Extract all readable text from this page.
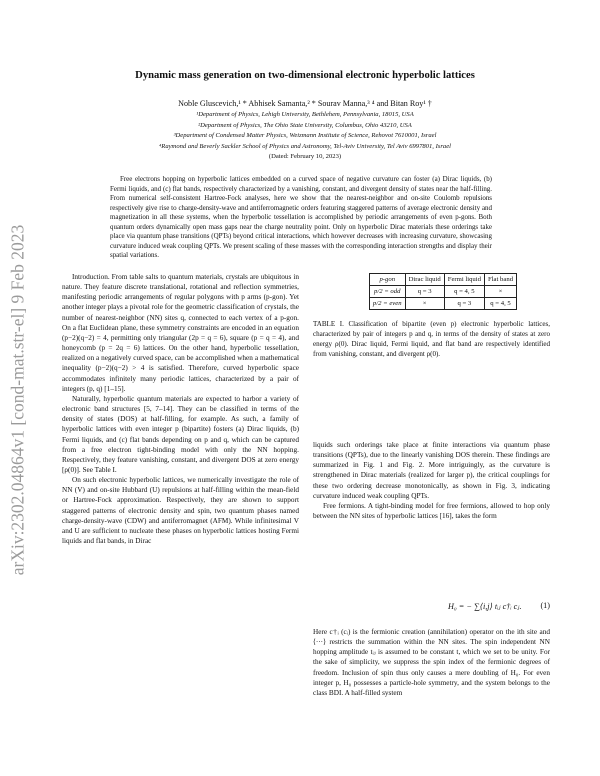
arXiv:2302.04864v1 [cond-mat.str-el] 9 Feb 2023
Dynamic mass generation on two-dimensional electronic hyperbolic lattices
Noble Gluscevich,¹ * Abhisek Samanta,² * Sourav Manna,³ ⁴ and Bitan Roy¹ †
¹Department of Physics, Lehigh University, Bethlehem, Pennsylvania, 18015, USA
²Department of Physics, The Ohio State University, Columbus, Ohio 43210, USA
³Department of Condensed Matter Physics, Weizmann Institute of Science, Rehovot 7610001, Israel
⁴Raymond and Beverly Sackler School of Physics and Astronomy, Tel-Aviv University, Tel Aviv 6997801, Israel
(Dated: February 10, 2023)
Free electrons hopping on hyperbolic lattices embedded on a curved space of negative curvature can foster (a) Dirac liquids, (b) Fermi liquids, and (c) flat bands, respectively characterized by a vanishing, constant, and divergent density of states near the half-filling. From numerical self-consistent Hartree-Fock analyses, here we show that the nearest-neighbor and on-site Coulomb repulsions respectively give rise to charge-density-wave and antiferromagnetic orders featuring staggered patterns of average electronic density and magnetization in all these systems, when the hyperbolic tessellation is accomplished by periodic arrangements of even p-gons. Both quantum orders dynamically open mass gaps near the charge neutrality point. Only on hyperbolic Dirac materials these orderings take place via quantum phase transitions (QPTs) beyond critical interactions, which however decreases with increasing curvature, showcasing curvature induced weak coupling QPTs. We present scaling of these masses with the corresponding interaction strengths and display their spatial variations.

Introduction. From table salts to quantum materials, crystals are ubiquitous in nature. They feature discrete translational, rotational and reflection symmetries, manifesting periodic arrangements of regular polygons with p arms (p-gon). Yet another integer plays a pivotal role for the geometric classification of crystals, the number of nearest-neighbor (NN) sites q, connected to each vertex of a p-gon. On a flat Euclidean plane, these symmetry constraints are encoded in an equation (p−2)(q−2) = 4, permitting only triangular (2p = q = 6), square (p = q = 4), and honeycomb (p = 2q = 6) lattices. On the other hand, hyperbolic tessellation, realized on a negatively curved space, can be accomplished when a mathematical inequality (p−2)(q−2) > 4 is satisfied. Therefore, curved hyperbolic space accommodates infinitely many periodic lattices, characterized by a pair of integers (p, q) [1–15].

Naturally, hyperbolic quantum materials are expected to harbor a variety of electronic band structures [5, 7–14]. They can be classified in terms of the density of states (DOS) at half-filling, for example. As such, a family of hyperbolic lattices with even integer p (bipartite) fosters (a) Dirac liquids, (b) Fermi liquids, and (c) flat bands depending on p and q, which can be captured from a free electron tight-binding model with only the NN hopping. Respectively, they feature vanishing, constant, and divergent DOS at zero energy [ρ(0)]. See Table I.

On such electronic hyperbolic lattices, we numerically investigate the role of NN (V) and on-site Hubbard (U) repulsions at half-filling within the mean-field or Hartree-Fock approximation. Respectively, they are shown to support staggered patterns of electronic density and spin, two quantum phases named charge-density-wave (CDW) and antiferromagnet (AFM). While infinitesimal V and U are sufficient to nucleate these phases on hyperbolic lattices hosting Fermi liquids and flat bands, in Dirac

p-gon	Dirac liquid	Fermi liquid	Flat band
p/2 = odd	q = 3	q = 4, 5	×
p/2 = even	×	q = 3	q = 4, 5
TABLE I. Classification of bipartite (even p) electronic hyperbolic lattices, characterized by pair of integers p and q, in terms of the density of states at zero energy ρ(0). Dirac liquid, Fermi liquid, and flat band are respectively identified from vanishing, constant, and divergent ρ(0).

liquids such orderings take place at finite interactions via quantum phase transitions (QPTs), due to the linearly vanishing DOS therein. These findings are summarized in Fig. 1 and Fig. 2. More intriguingly, as the curvature is strengthened in Dirac materials (realized for larger p), the critical couplings for these two ordering decrease monotonically, as shown in Fig. 3, indicating curvature induced weak coupling QPTs.

Free fermions. A tight-binding model for free fermions, allowed to hop only between the NN sites of hyperbolic lattices [16], takes the form

H₀ = − ∑⟨i,j⟩ tᵢⱼ c†ᵢ cⱼ. (1)

Here c†ᵢ (cᵢ) is the fermionic creation (annihilation) operator on the ith site and ⟨···⟩ restricts the summation within the NN sites. The spin independent NN hopping amplitude tᵢⱼ is assumed to be constant t, which we set to be unity. For the sake of simplicity, we suppress the spin index of the fermionic degrees of freedom. Inclusion of spin thus only causes a mere doubling of H₀. For even integer p, H₀ possesses a particle-hole symmetry, and the system belongs to the class BDI. A half-filled system
